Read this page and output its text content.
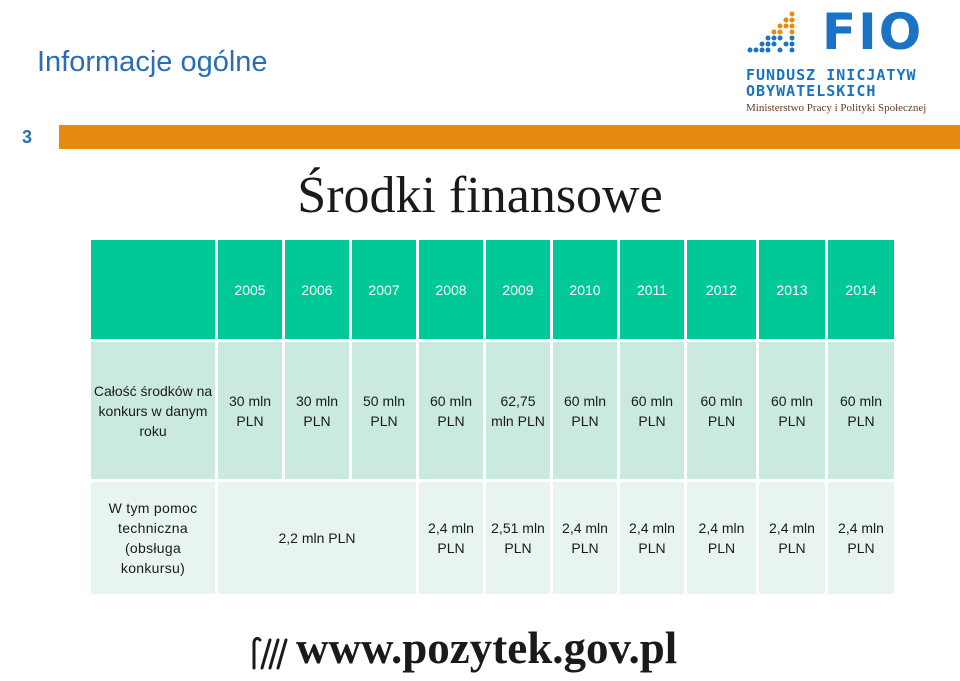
Informacje ogólne
FIO
FUNDUSZ INICJATYW
OBYWATELSKICH
Ministerstwo Pracy i Polityki Społecznej
3
Środki finansowe
	2005	2006	2007	2008	2009	2010	2011	2012	2013	2014
Całość środków na konkurs w danym roku	30 mln PLN	30 mln PLN	50 mln PLN	60 mln PLN	62,75 mln PLN	60 mln PLN	60 mln PLN	60 mln PLN	60 mln PLN	60 mln PLN
W tym pomoc techniczna (obsługa konkursu)	2,2 mln PLN			2,4 mln PLN	2,51 mln PLN	2,4 mln PLN	2,4 mln PLN	2,4 mln PLN	2,4 mln PLN	2,4 mln PLN
www.pozytek.gov.pl
